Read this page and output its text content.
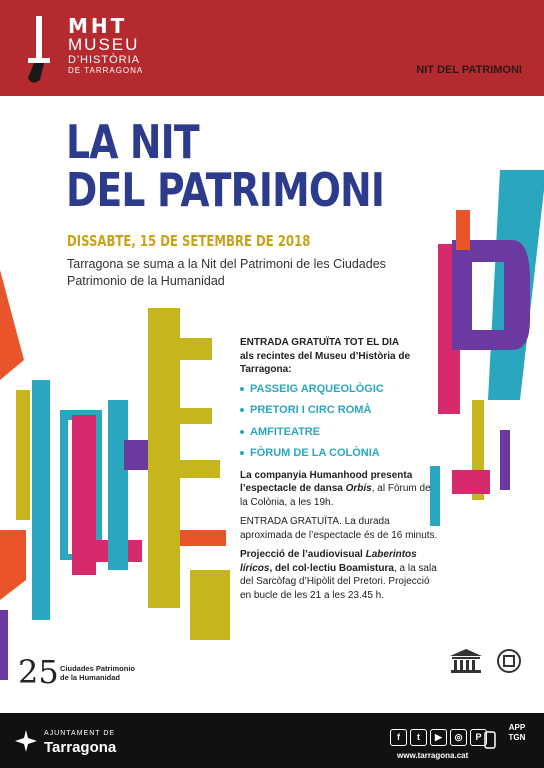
MHT
MUSEU
D'HISTÒRIA
DE TARRAGONA	NIT DEL PATRIMONI
LA NIT
DEL PATRIMONI
DISSABTE, 15 DE SETEMBRE DE 2018
Tarragona se suma a la Nit del Patrimoni de les Ciudades Patrimonio de la Humanidad
ENTRADA GRATUÏTA TOT EL DIA
als recintes del Museu d’Història de Tarragona:
PASSEIG ARQUEOLÒGIC
PRETORI I CIRC ROMÀ
AMFITEATRE
FÒRUM DE LA COLÒNIA
La companyia Humanhood presenta l’espectacle de dansa Orbis, al Fòrum de la Colònia, a les 19h.
ENTRADA GRATUÏTA. La durada aproximada de l’espectacle és de 16 minuts.
Projecció de l’audiovisual Laberintos líricos, del col·lectiu Boamistura, a la sala del Sarcòfag d’Hipòlit del Pretori. Projecció en bucle de les 21 a les 23.45 h.
25 Ciudades Patrimonio
de la Humanidad
AJUNTAMENT DE
Tarragona
f	t	▶	◎	P
www.tarragona.cat
APP
TGN
